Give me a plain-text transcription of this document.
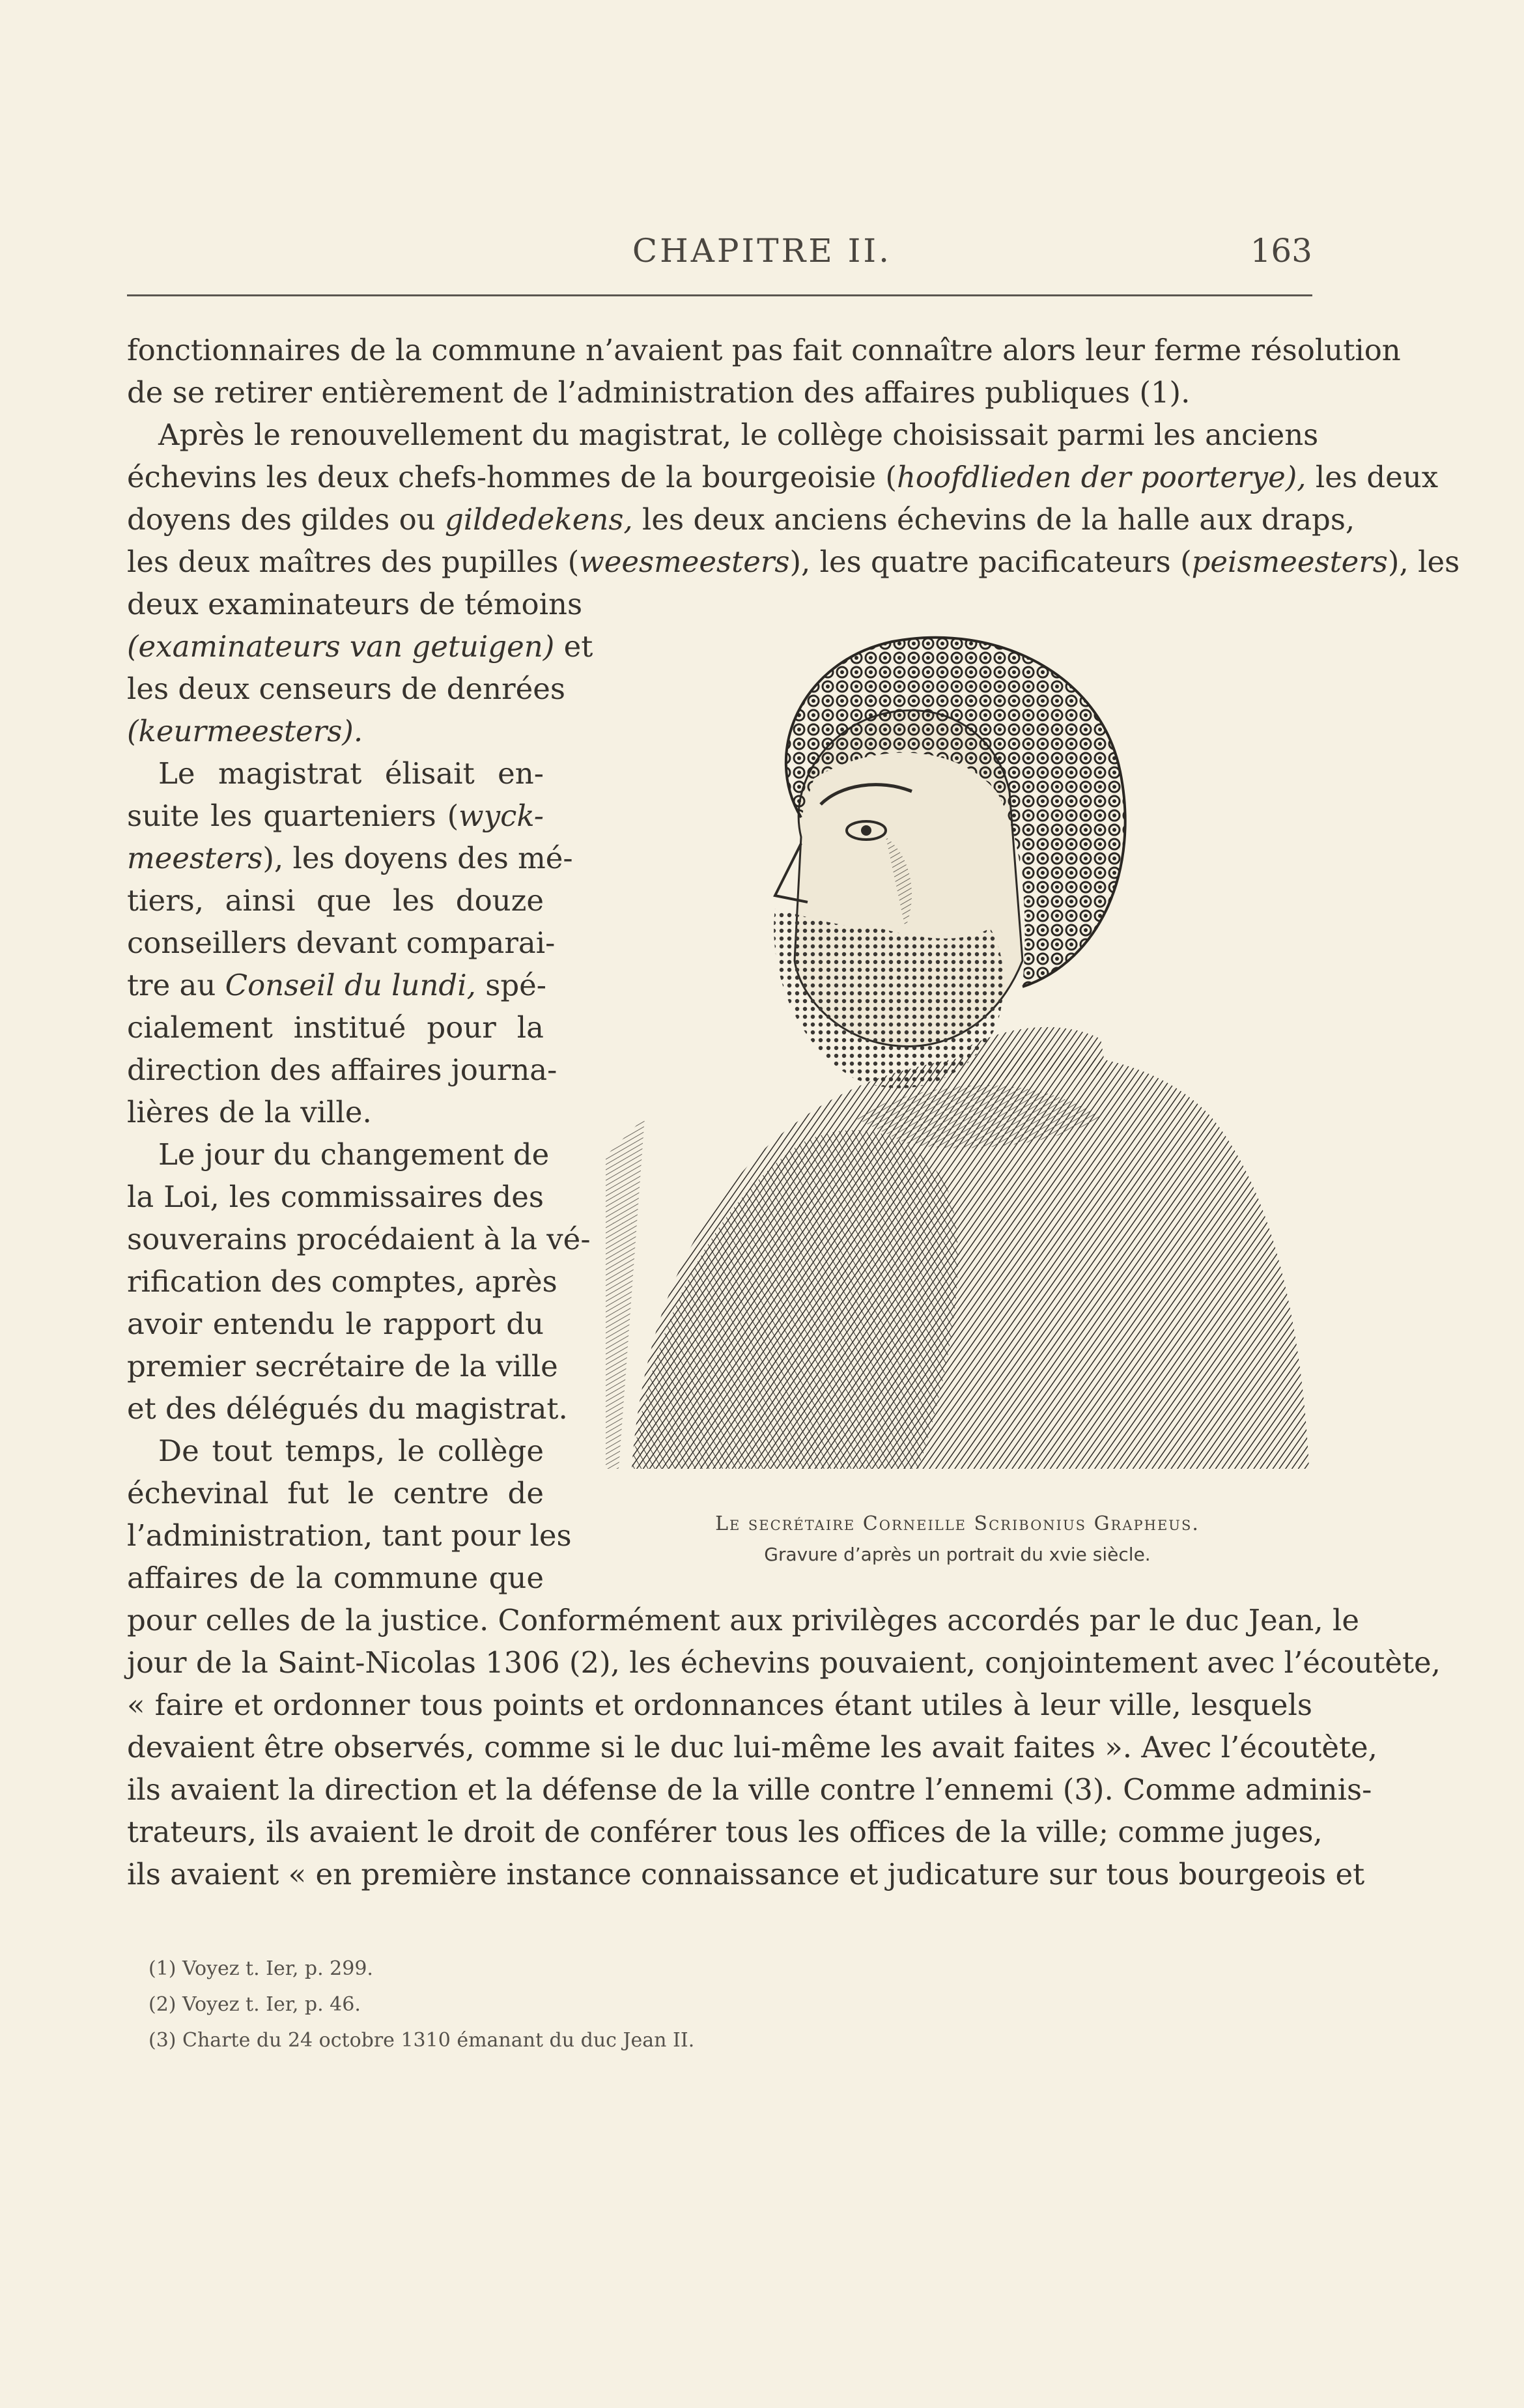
CHAPITRE II.	163
fonctionnaires de la commune n’avaient pas fait connaître alors leur ferme résolution
de se retirer entièrement de l’administration des affaires publiques (1).
Après le renouvellement du magistrat, le collège choisissait parmi les anciens
échevins les deux chefs-hommes de la bourgeoisie (hoofdlieden der poorterye), les deux
doyens des gildes ou gildedekens, les deux anciens échevins de la halle aux draps,
les deux maîtres des pupilles (weesmeesters), les quatre pacificateurs (peismeesters), les
deux examinateurs de témoins
(examinateurs van getuigen) et
les deux censeurs de denrées
(keurmeesters).
Le magistrat élisait en-
suite les quarteniers (wyck-
meesters), les doyens des mé-
tiers, ainsi que les douze
conseillers devant comparai-
tre au Conseil du lundi, spé-
cialement institué pour la
direction des affaires journa-
lières de la ville.
Le jour du changement de
la Loi, les commissaires des
souverains procédaient à la vé-
rification des comptes, après
avoir entendu le rapport du
premier secrétaire de la ville
et des délégués du magistrat.
De tout temps, le collège
échevinal fut le centre de
l’administration, tant pour les
affaires de la commune que
Le secrétaire Corneille Scribonius Grapheus.
Gravure d’après un portrait du xvie siècle.
pour celles de la justice. Conformément aux privilèges accordés par le duc Jean, le
jour de la Saint-Nicolas 1306 (2), les échevins pouvaient, conjointement avec l’écoutète,
« faire et ordonner tous points et ordonnances étant utiles à leur ville, lesquels
devaient être observés, comme si le duc lui-même les avait faites ». Avec l’écoutète,
ils avaient la direction et la défense de la ville contre l’ennemi (3). Comme adminis-
trateurs, ils avaient le droit de conférer tous les offices de la ville; comme juges,
ils avaient « en première instance connaissance et judicature sur tous bourgeois et
(1) Voyez t. Ier, p. 299.
(2) Voyez t. Ier, p. 46.
(3) Charte du 24 octobre 1310 émanant du duc Jean II.
